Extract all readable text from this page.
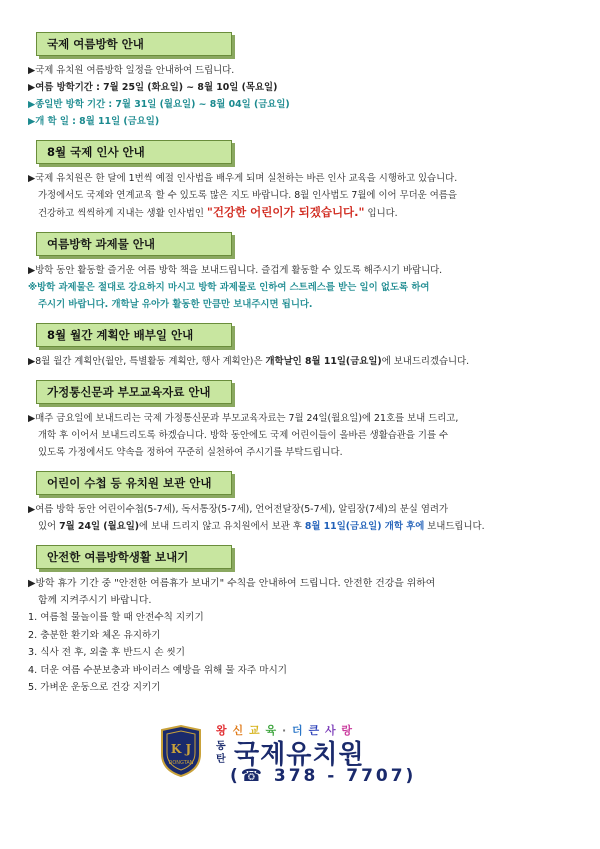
국제 여름방학 안내

▶국제 유치원 여름방학 일정을 안내하여 드립니다.

▶여름 방학기간 : 7월 25일 (화요일) ~ 8월 10일 (목요일)

▶종일반 방학 기간 : 7월 31일 (월요일) ~ 8월 04일 (금요일)

▶개 학 일 : 8월 11일 (금요일)

8월 국제 인사 안내

▶국제 유치원은 한 달에 1번씩 예절 인사법을 배우게 되며 실천하는 바른 인사 교육을 시행하고 있습니다.

가정에서도 국제와 연계교육 할 수 있도록 많은 지도 바랍니다. 8월 인사법도 7월에 이어 무더운 여름을

건강하고 씩씩하게 지내는 생활 인사법인 "건강한 어린이가 되겠습니다." 입니다.

여름방학 과제물 안내

▶방학 동안 활동할 즐거운 여름 방학 책을 보내드립니다. 즐겁게 활동할 수 있도록 해주시기 바랍니다.

※방학 과제물은 절대로 강요하지 마시고 방학 과제물로 인하여 스트레스를 받는 일이 없도록 하여

주시기 바랍니다. 개학날 유아가 활동한 만큼만 보내주시면 됩니다.

8월 월간 계획안 배부일 안내

▶8월 월간 계획안(월안, 특별활동 계획안, 행사 계획안)은 개학날인 8월 11일(금요일)에 보내드리겠습니다.

가정통신문과 부모교육자료 안내

▶매주 금요일에 보내드리는 국제 가정통신문과 부모교육자료는 7월 24일(월요일)에 21호를 보내 드리고,

개학 후 이어서 보내드리도록 하겠습니다. 방학 동안에도 국제 어린이들이 올바른 생활습관을 기를 수

있도록 가정에서도 약속을 정하여 꾸준히 실천하여 주시기를 부탁드립니다.

어린이 수첩 등 유치원 보관 안내

▶여름 방학 동안 어린이수첩(5-7세), 독서통장(5-7세), 언어전달장(5-7세), 알림장(7세)의 분실 염려가

있어 7월 24일 (월요일)에 보내 드리지 않고 유치원에서 보관 후 8월 11일(금요일) 개학 후에 보내드립니다.

안전한 여름방학생활 보내기

▶방학 휴가 기간 중 "안전한 여름휴가 보내기" 수칙을 안내하여 드립니다. 안전한 건강을 위하여

함께 지켜주시기 바랍니다.

1. 여름철 물놀이를 할 때 안전수칙 지키기
2. 충분한 환기와 체온 유지하기
3. 식사 전 후, 외출 후 반드시 손 씻기
4. 더운 여름 수분보충과 바이러스 예방을 위해 물 자주 마시기
5. 가벼운 운동으로 건강 지키기
K J
DONGTAN
왕 신 교 육 · 더 큰 사 랑
동
탄 국제유치원
(☎ 378 - 7707)
